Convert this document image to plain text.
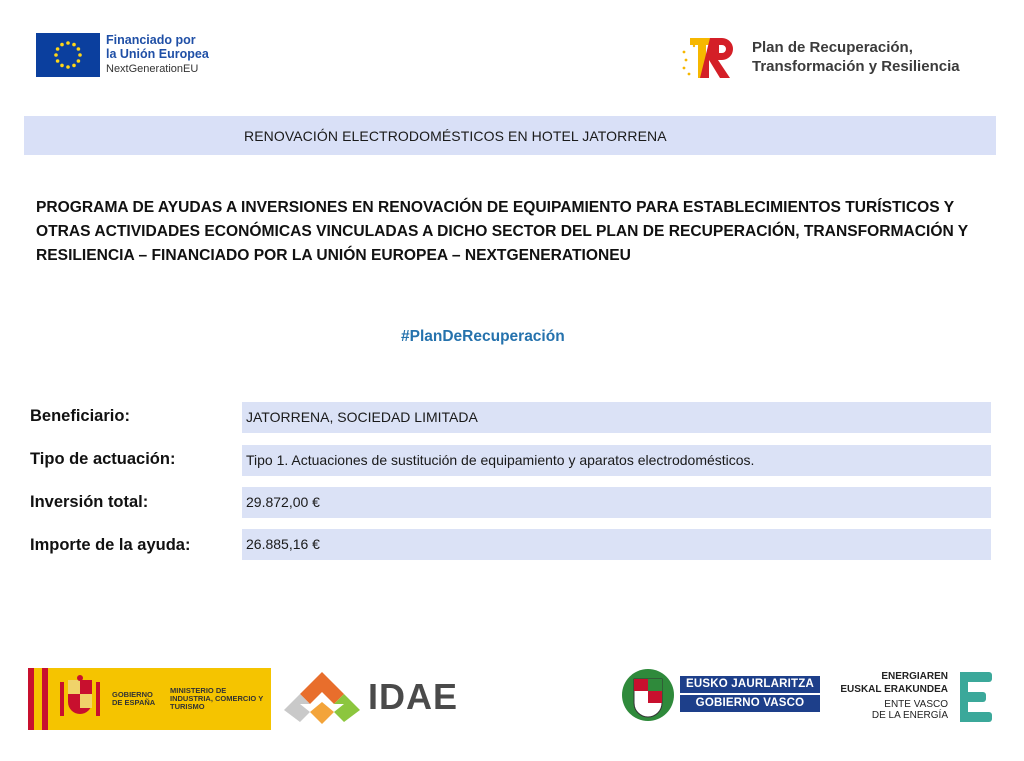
Financiado por
la Unión Europea
NextGenerationEU
Plan de Recuperación,
Transformación y Resiliencia
RENOVACIÓN ELECTRODOMÉSTICOS EN HOTEL JATORRENA
PROGRAMA DE AYUDAS A INVERSIONES EN RENOVACIÓN DE EQUIPAMIENTO PARA ESTABLECIMIENTOS TURÍSTICOS Y OTRAS ACTIVIDADES ECONÓMICAS VINCULADAS A DICHO SECTOR DEL PLAN DE RECUPERACIÓN, TRANSFORMACIÓN Y RESILIENCIA – FINANCIADO POR LA UNIÓN EUROPEA – NEXTGENERATIONEU
#PlanDeRecuperación
Beneficiario:	JATORRENA, SOCIEDAD LIMITADA
Tipo de actuación:	Tipo 1. Actuaciones de sustitución de equipamiento y aparatos electrodomésticos.
Inversión total:	29.872,00 €
Importe de la ayuda:	26.885,16 €
GOBIERNO DE ESPAÑA
MINISTERIO DE INDUSTRIA, COMERCIO Y TURISMO	IDAE	EUSKO JAURLARITZA
GOBIERNO VASCO
ENERGIAREN
EUSKAL ERAKUNDEA
ENTE VASCO
DE LA ENERGÍA
